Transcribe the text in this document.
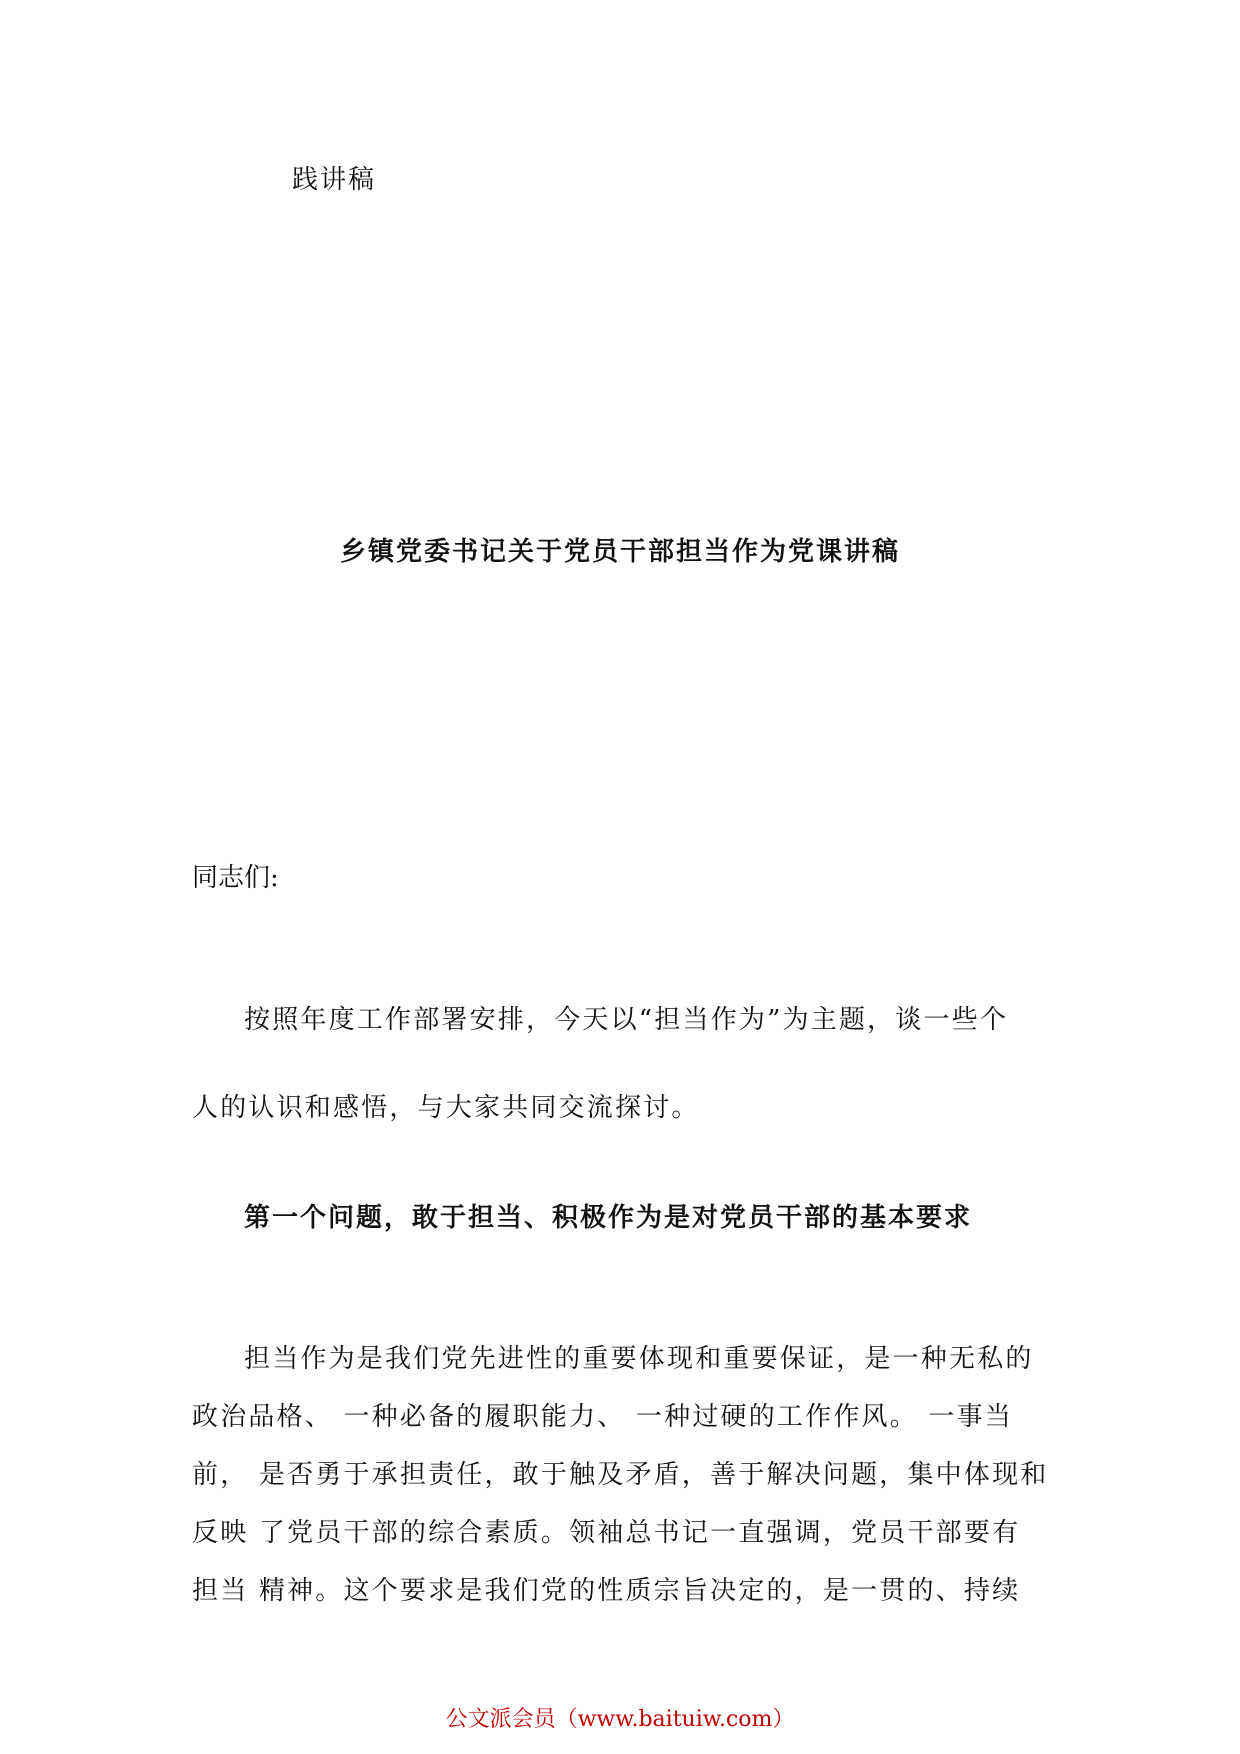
践讲稿

乡镇党委书记关于党员干部担当作为党课讲稿

同志们:

按照年度工作部署安排，今天以“担当作为”为主题，谈一些个
人的认识和感悟，与大家共同交流探讨。

第一个问题，敢于担当、积极作为是对党员干部的基本要求

担当作为是我们党先进性的重要体现和重要保证，是一种无私的
政治品格、 一种必备的履职能力、 一种过硬的工作作风。 一事当
前， 是否勇于承担责任，敢于触及矛盾，善于解决问题，集中体现和
反映 了党员干部的综合素质。领袖总书记一直强调，党员干部要有
担当 精神。这个要求是我们党的性质宗旨决定的，是一贯的、持续

公文派会员（www.baituiw.com）
